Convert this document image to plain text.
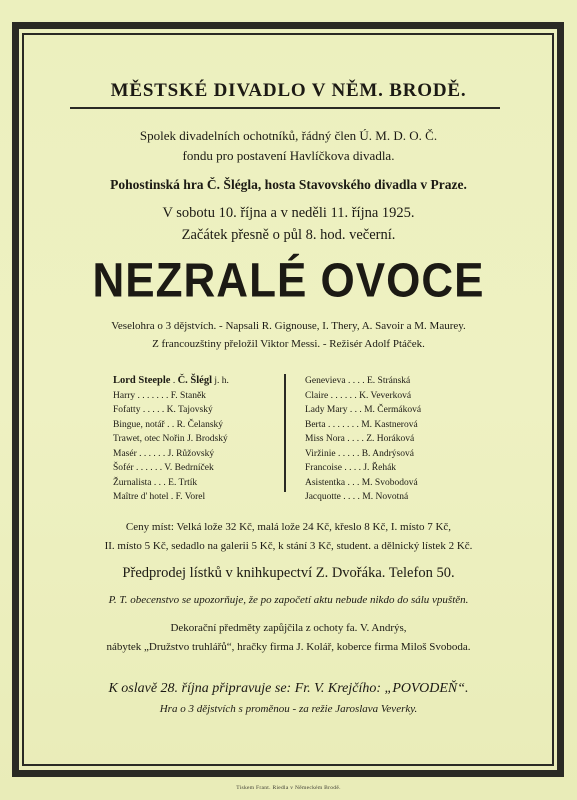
MĚSTSKÉ DIVADLO V NĚM. BRODĚ.
Spolek divadelních ochotníků, řádný člen Ú. M. D. O. Č.
fondu pro postavení Havlíčkova divadla.
Pohostinská hra Č. Šlégla, hosta Stavovského divadla v Praze.
V sobotu 10. října a v neděli 11. října 1925.
Začátek přesně o půl 8. hod. večerní.
NEZRALÉ OVOCE
Veselohra o 3 dějstvích. - Napsali R. Gignouse, I. Thery, A. Savoir a M. Maurey.
Z francouzštiny přeložil Viktor Messi. - Režisér Adolf Ptáček.
Lord Steeple . Č. Šlégl j. h.
Harry . . . . . . . F. Staněk
Fofatty . . . . . K. Tajovský
Bingue, notář . . R. Čelanský
Trawet, otec Nořin J. Brodský
Masér . . . . . . J. Růžovský
Šofér . . . . . . V. Bedrníček
Žurnalista . . . E. Trtík
Maître d' hotel . F. Vorel
Genevieva . . . . E. Stránská
Claire . . . . . . K. Veverková
Lady Mary . . . M. Čermáková
Berta . . . . . . . M. Kastnerová
Miss Nora . . . . Z. Horáková
Viržinie . . . . . B. Andrýsová
Francoise . . . . J. Řehák
Asistentka . . . M. Svobodová
Jacquotte . . . . M. Novotná
Ceny míst: Velká lože 32 Kč, malá lože 24 Kč, křeslo 8 Kč, I. místo 7 Kč,
II. místo 5 Kč, sedadlo na galerii 5 Kč, k stání 3 Kč, student. a dělnický lístek 2 Kč.
Předprodej lístků v knihkupectví Z. Dvořáka. Telefon 50.
P. T. obecenstvo se upozorňuje, že po započetí aktu nebude nikdo do sálu vpuštěn.
Dekorační předměty zapůjčila z ochoty fa. V. Andrýs,
nábytek „Družstvo truhlářů“, hračky firma J. Kolář, koberce firma Miloš Svoboda.
K oslavě 28. října připravuje se: Fr. V. Krejčího: „POVODEŇ“.
Hra o 3 dějstvích s proměnou - za režie Jaroslava Veverky.
Tiskem Frant. Riedla v Německém Brodě.
